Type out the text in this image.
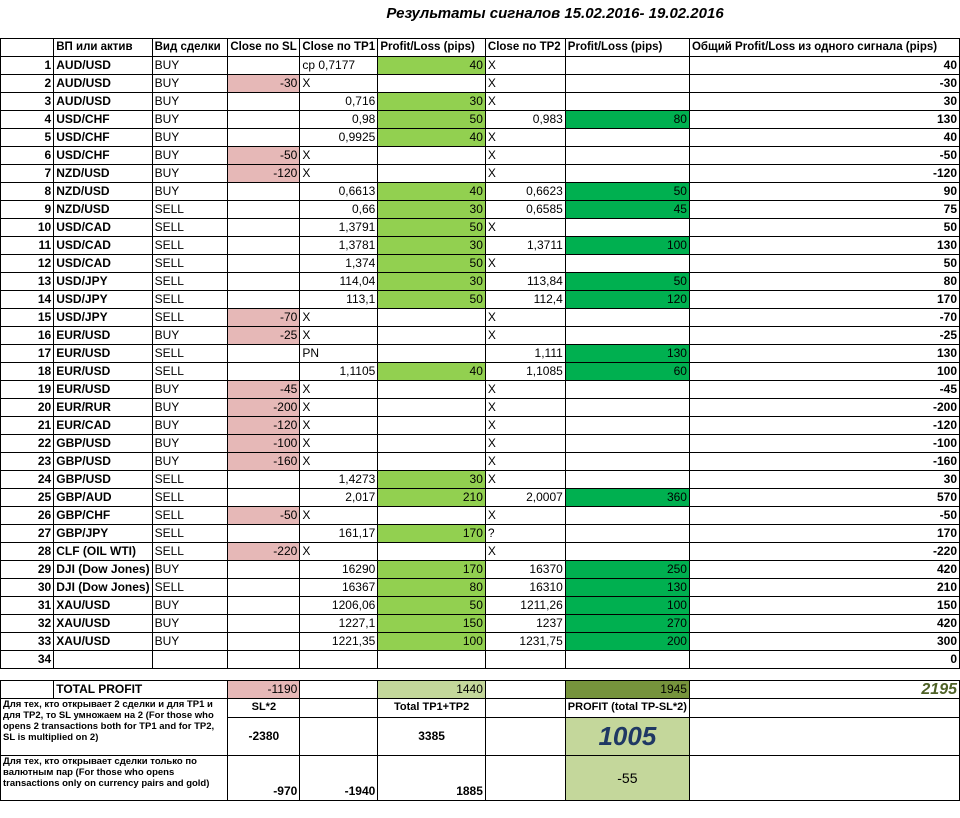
Результаты сигналов 15.02.2016- 19.02.2016
	ВП или актив	Вид сделки	Close по SL	Close по TP1	Profit/Loss (pips)	Close по TP2	Profit/Loss (pips)	Общий Profit/Loss из одного сигнала (pips)
1	AUD/USD	BUY		ср 0,7177	40	X		40
2	AUD/USD	BUY	-30	X		X		-30
3	AUD/USD	BUY		0,716	30	X		30
4	USD/CHF	BUY		0,98	50	0,983	80	130
5	USD/CHF	BUY		0,9925	40	X		40
6	USD/CHF	BUY	-50	X		X		-50
7	NZD/USD	BUY	-120	X		X		-120
8	NZD/USD	BUY		0,6613	40	0,6623	50	90
9	NZD/USD	SELL		0,66	30	0,6585	45	75
10	USD/CAD	SELL		1,3791	50	X		50
11	USD/CAD	SELL		1,3781	30	1,3711	100	130
12	USD/CAD	SELL		1,374	50	X		50
13	USD/JPY	SELL		114,04	30	113,84	50	80
14	USD/JPY	SELL		113,1	50	112,4	120	170
15	USD/JPY	SELL	-70	X		X		-70
16	EUR/USD	BUY	-25	X		X		-25
17	EUR/USD	SELL		PN		1,111	130	130
18	EUR/USD	SELL		1,1105	40	1,1085	60	100
19	EUR/USD	BUY	-45	X		X		-45
20	EUR/RUR	BUY	-200	X		X		-200
21	EUR/CAD	BUY	-120	X		X		-120
22	GBP/USD	BUY	-100	X		X		-100
23	GBP/USD	BUY	-160	X		X		-160
24	GBP/USD	SELL		1,4273	30	X		30
25	GBP/AUD	SELL		2,017	210	2,0007	360	570
26	GBP/CHF	SELL	-50	X		X		-50
27	GBP/JPY	SELL		161,17	170	?		170
28	CLF (OIL WTI)	SELL	-220	X		X		-220
29	DJI (Dow Jones)	BUY		16290	170	16370	250	420
30	DJI (Dow Jones)	SELL		16367	80	16310	130	210
31	XAU/USD	BUY		1206,06	50	1211,26	100	150
32	XAU/USD	BUY		1227,1	150	1237	270	420
33	XAU/USD	BUY		1221,35	100	1231,75	200	300
34								0

	TOTAL PROFIT		-1190		1440		1945	2195
Для тех, кто открывает 2 сделки и для TP1 и для TP2, то SL умножаем на 2 (For those who opens 2 transactions both for TP1 and for TP2, SL is multiplied on 2)			SL*2		Total TP1+TP2		PROFIT (total TP-SL*2)	
			-2380		3385		1005	
Для тех, кто открывает сделки только по валютным пар (For those who opens transactions only on currency pairs and gold)			-970	-1940	1885		-55	
